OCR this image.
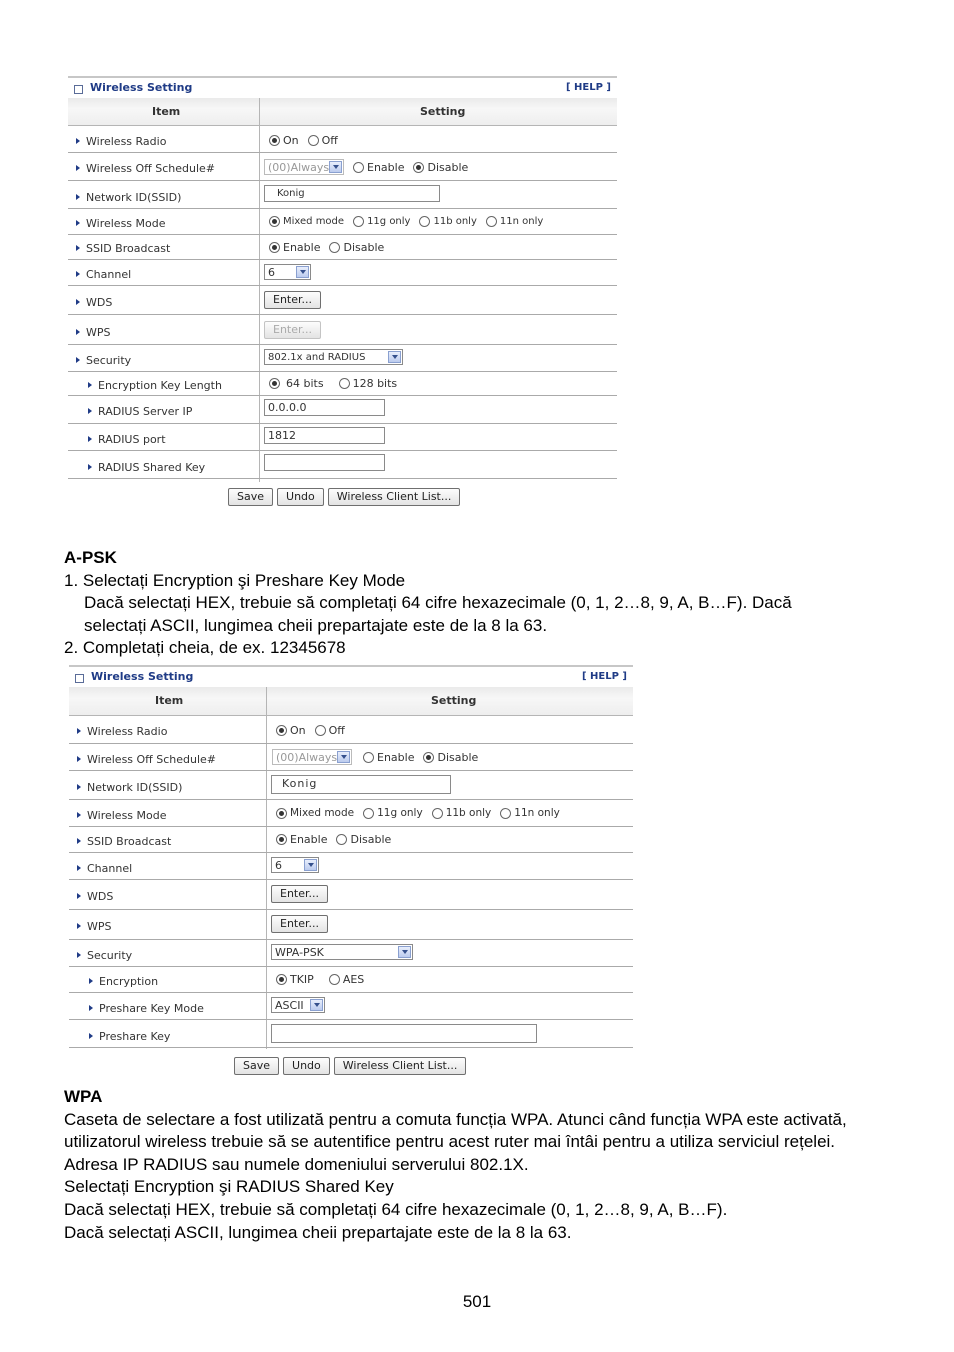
Wireless Setting	[ HELP ]
Item	Setting
Wireless Radio	On Off
Wireless Off Schedule#	(00)Always	Enable Disable
Network ID(SSID)	Konig
Wireless Mode	Mixed mode 11g only 11b only 11n only
SSID Broadcast	Enable Disable
Channel	6
WDS	Enter...
WPS	Enter...
Security	802.1x and RADIUS
Encryption Key Length	64 bits	128 bits
RADIUS Server IP	0.0.0.0
RADIUS port	1812
RADIUS Shared Key
Save	Undo	Wireless Client List...
A-PSK
1. Selectați Encryption şi Preshare Key Mode
Dacă selectați HEX, trebuie să completați 64 cifre hexazecimale (0, 1, 2…8, 9, A, B…F). Dacă
selectați ASCII, lungimea cheii prepartajate este de la 8 la 63.
2. Completați cheia, de ex. 12345678
Wireless Setting	[ HELP ]
Item	Setting
Wireless Radio	On Off
Wireless Off Schedule#	(00)Always	Enable Disable
Network ID(SSID)	Konig
Wireless Mode	Mixed mode 11g only 11b only 11n only
SSID Broadcast	Enable Disable
Channel	6
WDS	Enter...
WPS	Enter...
Security	WPA-PSK
Encryption	TKIP	AES
Preshare Key Mode	ASCII
Preshare Key
Save	Undo	Wireless Client List...
WPA
Caseta de selectare a fost utilizată pentru a comuta funcția WPA. Atunci când funcția WPA este activată,
utilizatorul wireless trebuie să se autentifice pentru acest ruter mai întâi pentru a utiliza serviciul rețelei.
Adresa IP RADIUS sau numele domeniului serverului 802.1X.
Selectați Encryption şi RADIUS Shared Key
Dacă selectați HEX, trebuie să completați 64 cifre hexazecimale (0, 1, 2…8, 9, A, B…F).
Dacă selectați ASCII, lungimea cheii prepartajate este de la 8 la 63.
501
